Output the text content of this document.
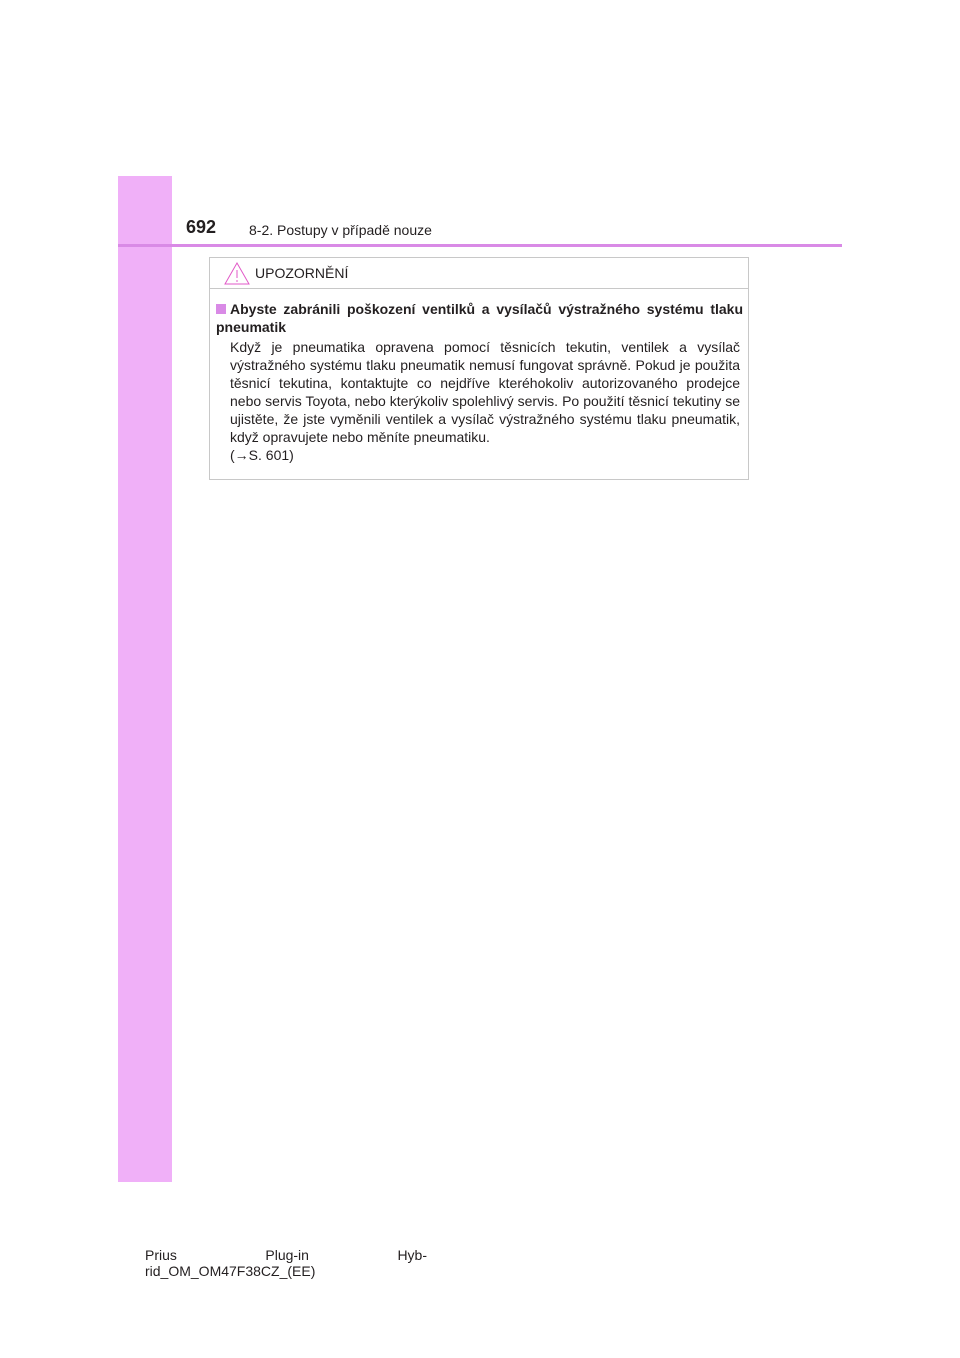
692 8-2. Postupy v případě nouze
UPOZORNĚNÍ
Abyste zabránili poškození ventilků a vysílačů výstražného systému tlaku pneumatik
Když je pneumatika opravena pomocí těsnicích tekutin, ventilek a vysílač výstražného systému tlaku pneumatik nemusí fungovat správně. Pokud je použita těsnicí tekutina, kontaktujte co nejdříve kteréhokoliv autorizovaného prodejce nebo servis Toyota, nebo kterýkoliv spolehlivý servis. Po použití těsnicí tekutiny se ujistěte, že jste vyměnili ventilek a vysílač výstražného systému tlaku pneumatik, když opravujete nebo měníte pneumatiku.
(→S. 601)
Prius	Plug-in	Hyb-
rid_OM_OM47F38CZ_(EE)
